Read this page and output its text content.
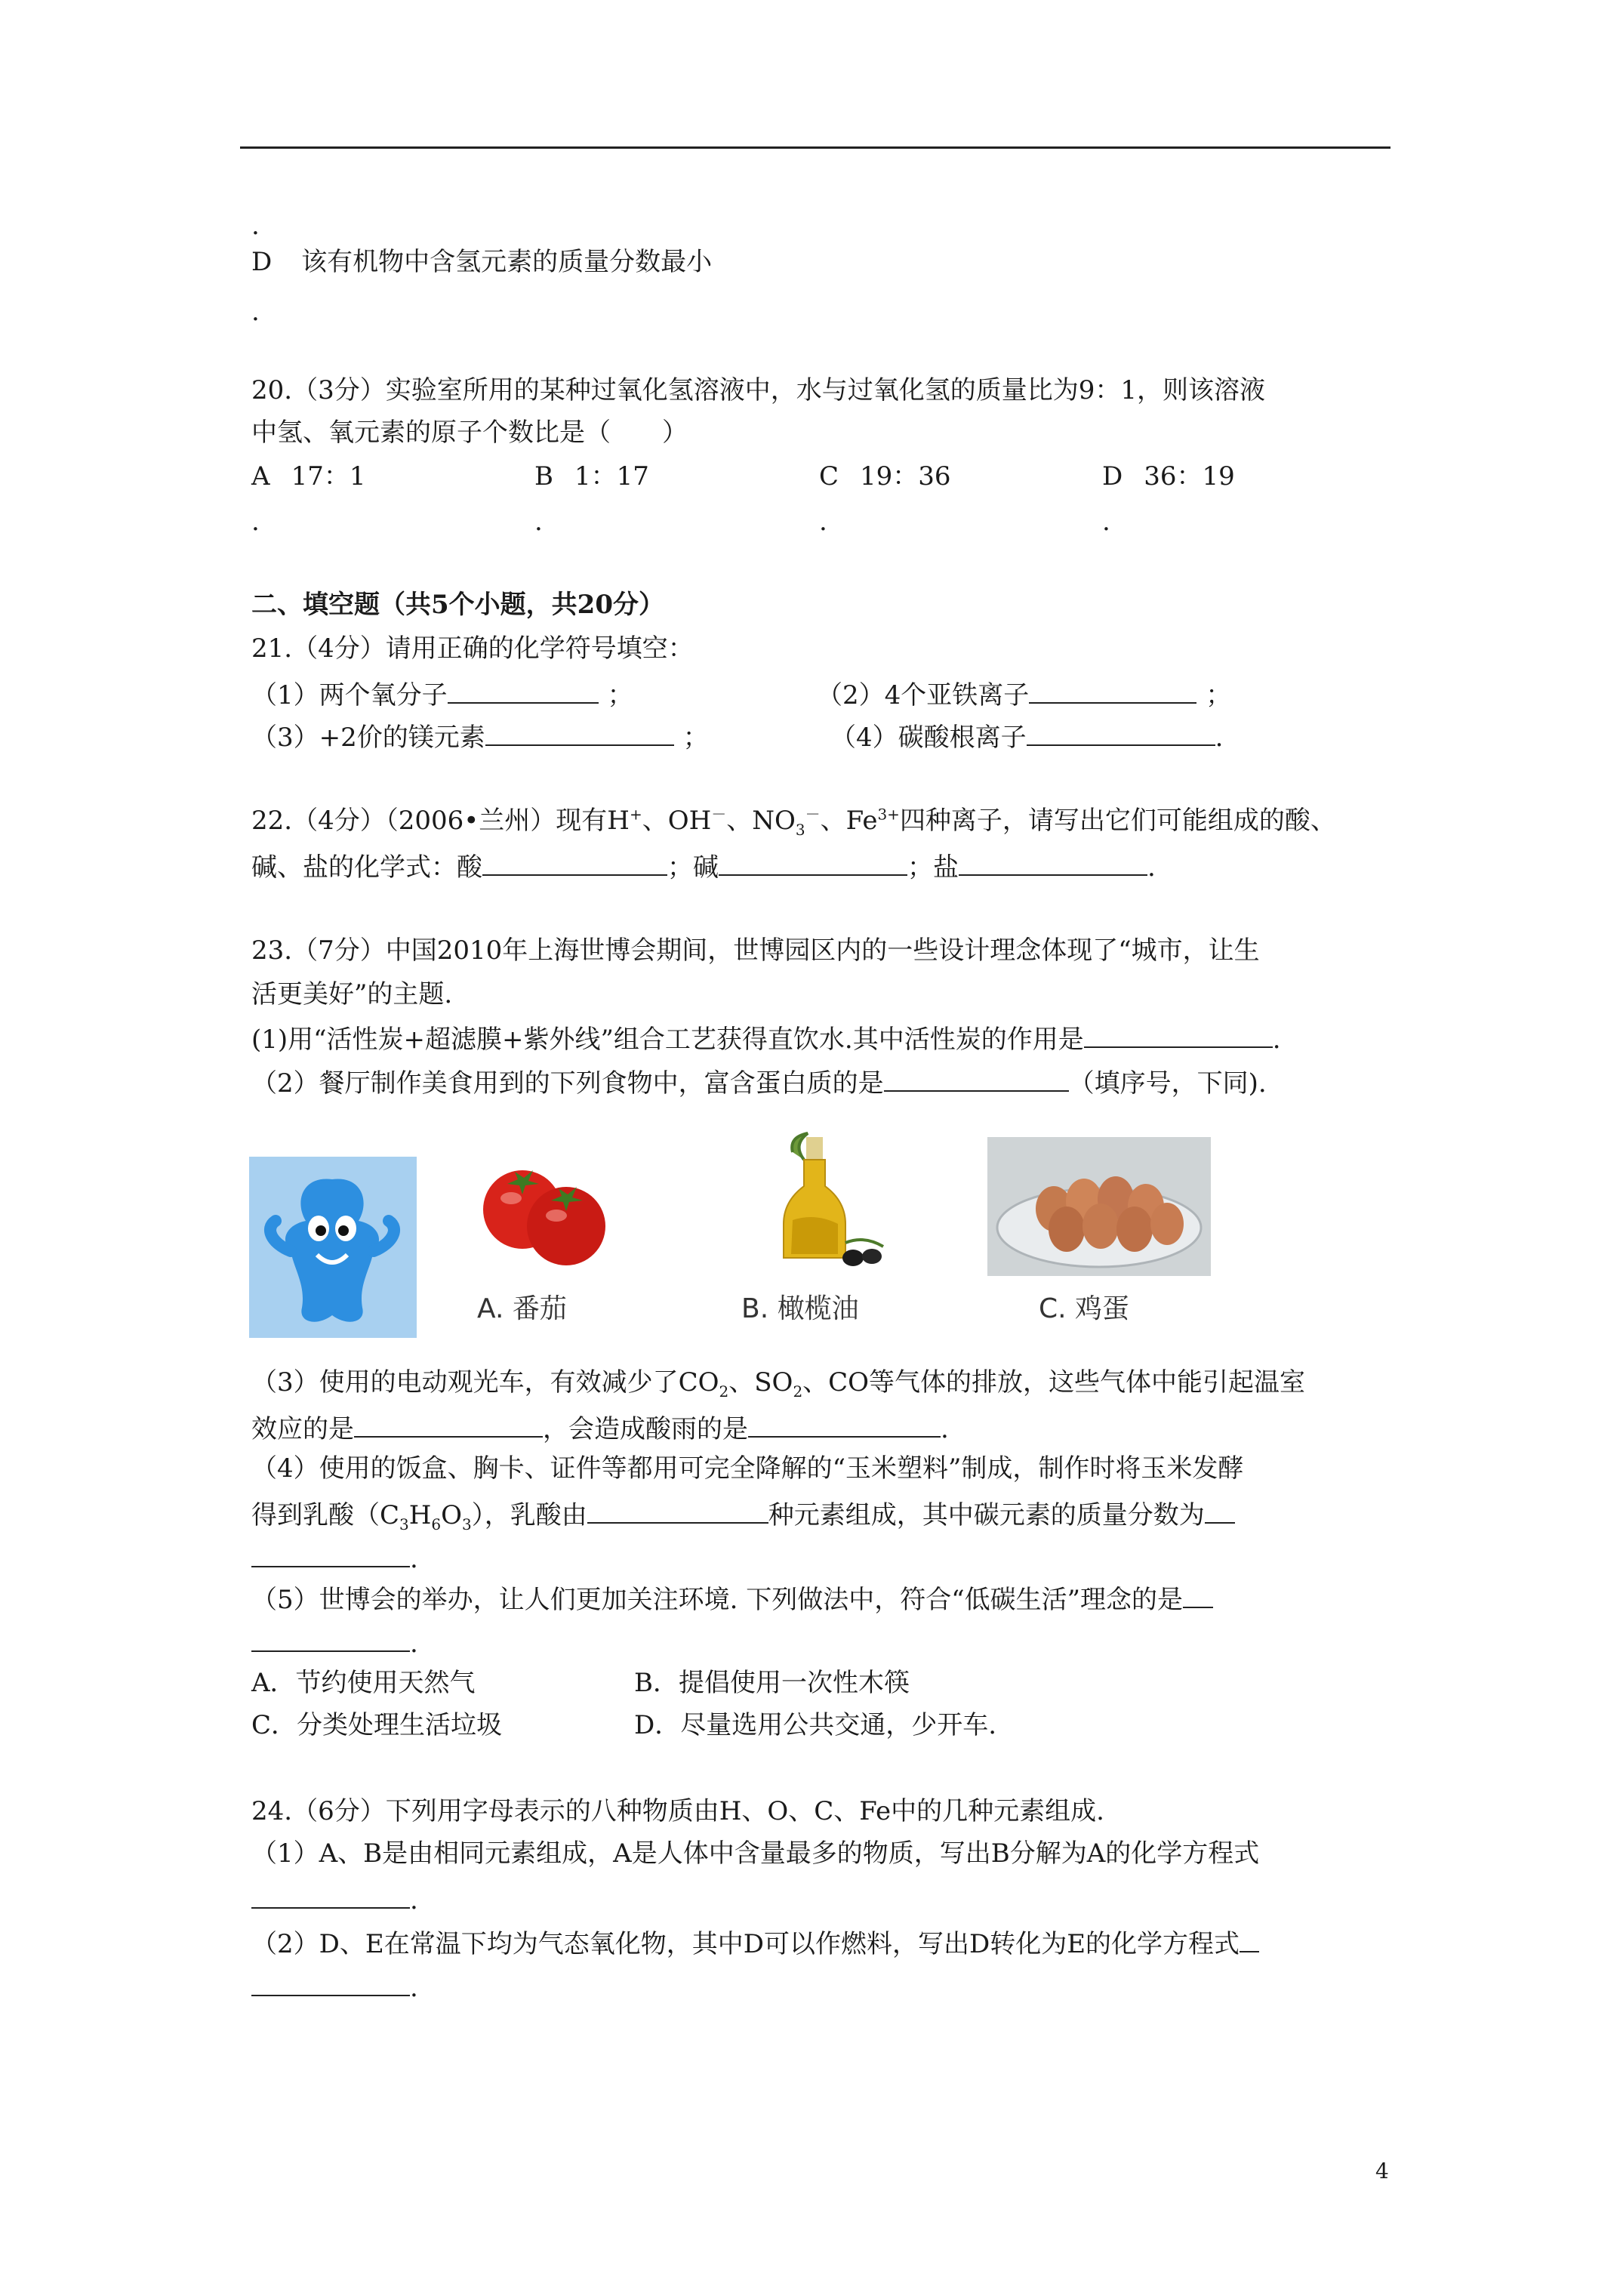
.
D 该有机物中含氢元素的质量分数最小
.
20.（3分）实验室所用的某种过氧化氢溶液中，水与过氧化氢的质量比为9：1，则该溶液
中氢、氧元素的原子个数比是（　　）
A 17：1	B 1：17	C 19：36	D 36：19
.	.	.	.
二、填空题（共5个小题，共20分）
21.（4分）请用正确的化学符号填空：
（1）两个氧分子	；	（2）4个亚铁离子	；
（3）+2价的镁元素	；	（4）碳酸根离子	.
22.（4分）（2006•兰州）现有H+、OH－、$NO_3^-$、$Fe^{3+}$四种离子，请写出它们可能组成的酸、
碱、盐的化学式：酸	；碱	；盐	.
23.（7分）中国2010年上海世博会期间，世博园区内的一些设计理念体现了“城市，让生
活更美好”的主题.
(1)用“活性炭+超滤膜+紫外线”组合工艺获得直饮水.其中活性炭的作用是	.
（2）餐厅制作美食用到的下列食物中，富含蛋白质的是	（填序号，下同).
A. 番茄	B. 橄榄油	C. 鸡蛋
（3）使用的电动观光车，有效减少了$CO_2$、$SO_2$、CO等气体的排放，这些气体中能引起温室
效应的是	，会造成酸雨的是	.
（4）使用的饭盒、胸卡、证件等都用可完全降解的“玉米塑料”制成，制作时将玉米发酵
得到乳酸$(C_3H_6O_3)$，乳酸由	种元素组成，其中碳元素的质量分数为
.
（5）世博会的举办，让人们更加关注环境. 下列做法中，符合“低碳生活”理念的是
.
A．节约使用天然气	B．提倡使用一次性木筷
C．分类处理生活垃圾	D．尽量选用公共交通，少开车.
24.（6分）下列用字母表示的八种物质由H、O、C、Fe中的几种元素组成.
（1）A、B是由相同元素组成，A是人体中含量最多的物质，写出B分解为A的化学方程式
.
（2）D、E在常温下均为气态氧化物，其中D可以作燃料，写出D转化为E的化学方程式
.
4
